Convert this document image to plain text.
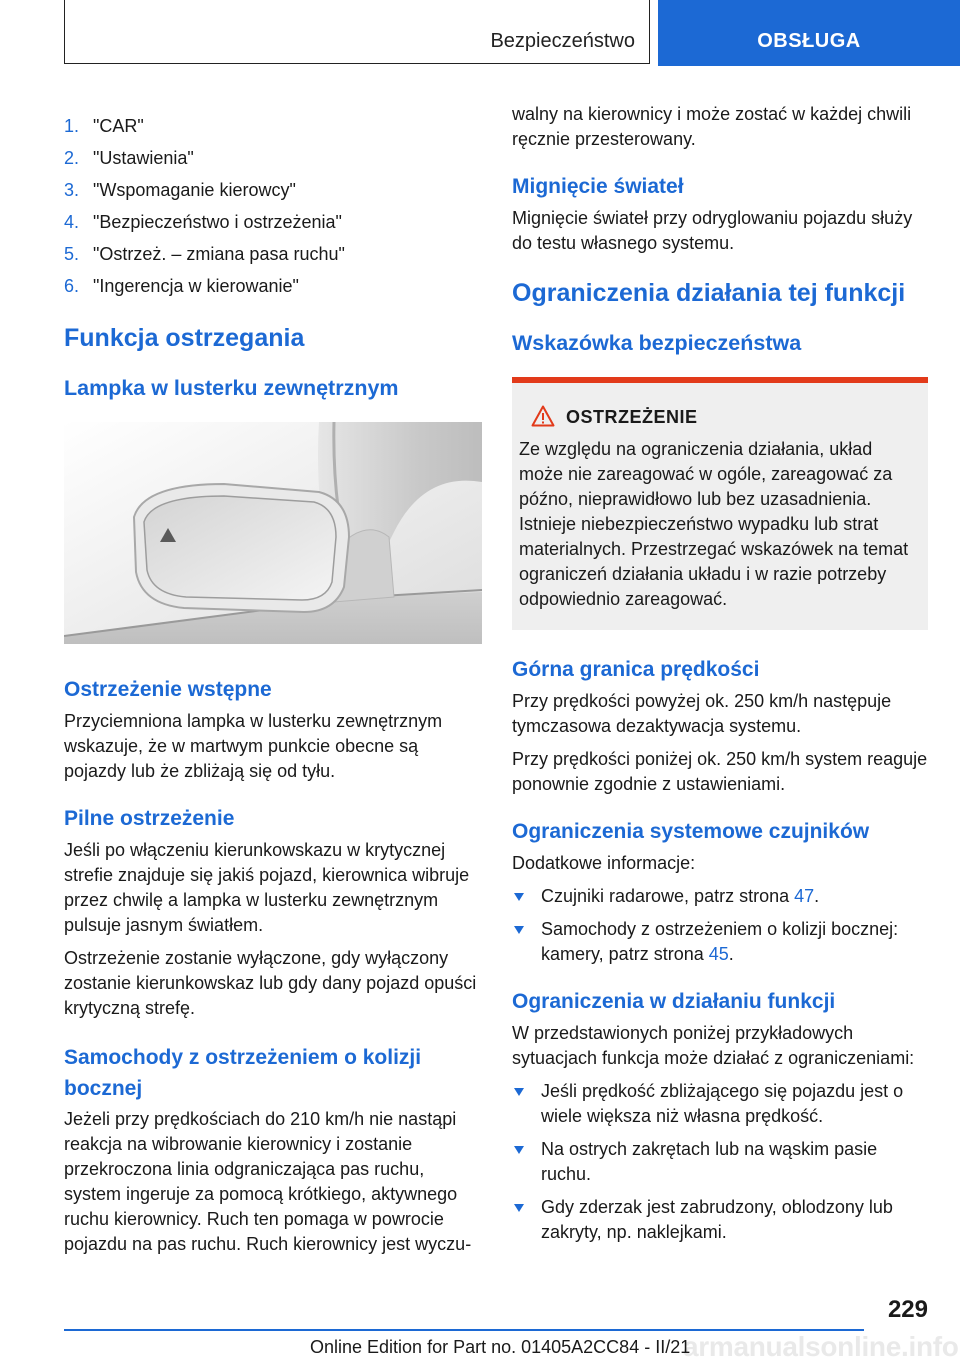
Bezpieczeństwo	OBSŁUGA
1. "CAR"
2. "Ustawienia"
3. "Wspomaganie kierowcy"
4. "Bezpieczeństwo i ostrzeżenia"
5. "Ostrzeż. – zmiana pasa ruchu"
6. "Ingerencja w kierowanie"
Funkcja ostrzegania
Lampka w lusterku zewnętrznym
Ostrzeżenie wstępne

Przyciemniona lampka w lusterku zewnętrznym wskazuje, że w martwym punkcie obecne są pojazdy lub że zbliżają się od tyłu.

Pilne ostrzeżenie

Jeśli po włączeniu kierunkowskazu w krytycznej strefie znajduje się jakiś pojazd, kierownica wibruje przez chwilę a lampka w lusterku zewnętrznym pulsuje jasnym światłem.

Ostrzeżenie zostanie wyłączone, gdy wyłączony zostanie kierunkowskaz lub gdy dany pojazd opuści krytyczną strefę.

Samochody z ostrzeżeniem o kolizji bocznej

Jeżeli przy prędkościach do 210 km/h nie nastąpi reakcja na wibrowanie kierownicy i zostanie przekroczona linia odgraniczająca pas ruchu, system ingeruje za pomocą krótkiego, aktywnego ruchu kierownicy. Ruch ten pomaga w powrocie pojazdu na pas ruchu. Ruch kierownicy jest wyczu-

walny na kierownicy i może zostać w każdej chwili ręcznie przesterowany.

Mignięcie świateł

Mignięcie świateł przy odryglowaniu pojazdu służy do testu własnego systemu.

Ograniczenia działania tej funkcji
Wskazówka bezpieczeństwa
OSTRZEŻENIE

Ze względu na ograniczenia działania, układ może nie zareagować w ogóle, zareagować za późno, nieprawidłowo lub bez uzasadnienia. Istnieje niebezpieczeństwo wypadku lub strat materialnych. Przestrzegać wskazówek na temat ograniczeń działania układu i w razie potrzeby odpowiednio zareagować.

Górna granica prędkości

Przy prędkości powyżej ok. 250 km/h następuje tymczasowa dezaktywacja systemu.

Przy prędkości poniżej ok. 250 km/h system reaguje ponownie zgodnie z ustawieniami.

Ograniczenia systemowe czujników

Dodatkowe informacje:

Czujniki radarowe, patrz strona 47.
Samochody z ostrzeżeniem o kolizji bocznej: kamery, patrz strona 45.
Ograniczenia w działaniu funkcji

W przedstawionych poniżej przykładowych sytuacjach funkcja może działać z ograniczeniami:

Jeśli prędkość zbliżającego się pojazdu jest o wiele większa niż własna prędkość.
Na ostrych zakrętach lub na wąskim pasie ruchu.
Gdy zderzak jest zabrudzony, oblodzony lub zakryty, np. naklejkami.
229
armanualsonline.info
Online Edition for Part no. 01405A2CC84 - II/21
